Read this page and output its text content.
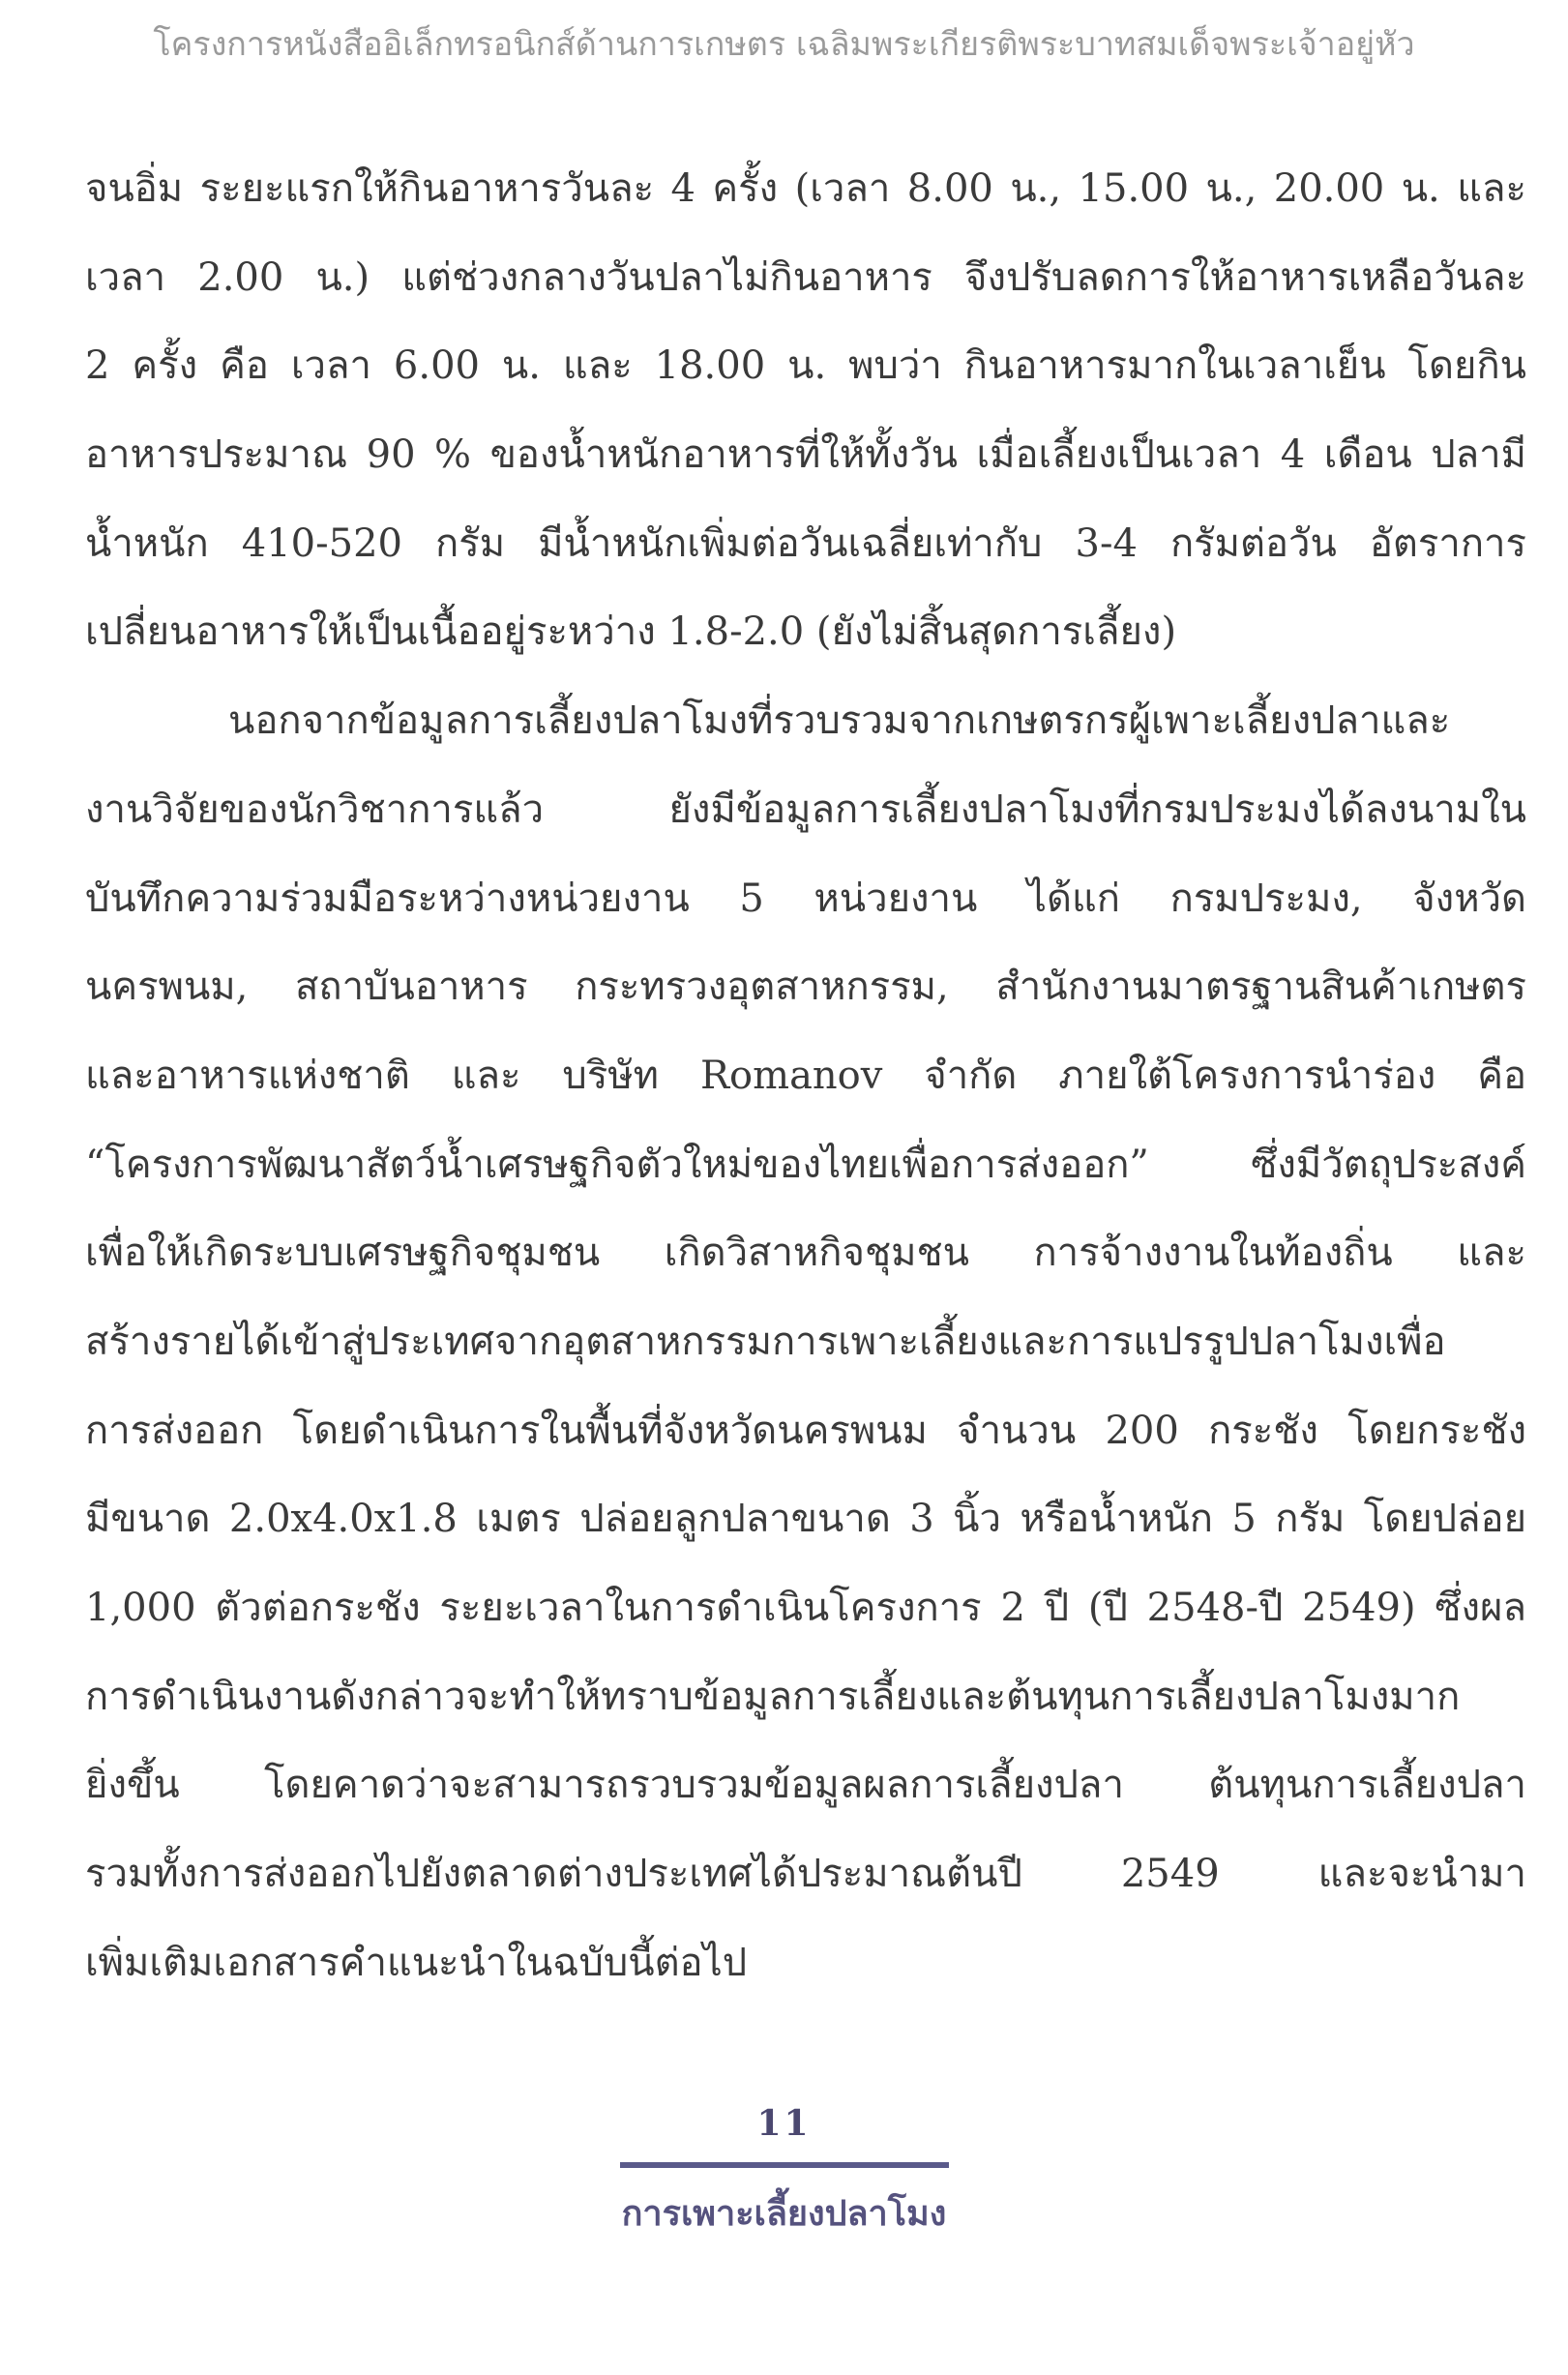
โครงการหนังสืออิเล็กทรอนิกส์ด้านการเกษตร เฉลิมพระเกียรติพระบาทสมเด็จพระเจ้าอยู่หัว
จนอิ่ม ระยะแรกให้กินอาหารวันละ 4 ครั้ง (เวลา 8.00 น., 15.00 น., 20.00 น. และ
เวลา 2.00 น.) แต่ช่วงกลางวันปลาไม่กินอาหาร จึงปรับลดการให้อาหารเหลือวันละ
2 ครั้ง คือ เวลา 6.00 น. และ 18.00 น. พบว่า กินอาหารมากในเวลาเย็น โดยกิน
อาหารประมาณ 90 % ของน้ำหนักอาหารที่ให้ทั้งวัน เมื่อเลี้ยงเป็นเวลา 4 เดือน ปลามี
น้ำหนัก 410-520 กรัม มีน้ำหนักเพิ่มต่อวันเฉลี่ยเท่ากับ 3-4 กรัมต่อวัน อัตราการ
เปลี่ยนอาหารให้เป็นเนื้ออยู่ระหว่าง 1.8-2.0 (ยังไม่สิ้นสุดการเลี้ยง)
นอกจากข้อมูลการเลี้ยงปลาโมงที่รวบรวมจากเกษตรกรผู้เพาะเลี้ยงปลาและ
งานวิจัยของนักวิชาการแล้ว ยังมีข้อมูลการเลี้ยงปลาโมงที่กรมประมงได้ลงนามใน
บันทึกความร่วมมือระหว่างหน่วยงาน 5 หน่วยงาน ได้แก่ กรมประมง, จังหวัด
นครพนม, สถาบันอาหาร กระทรวงอุตสาหกรรม, สำนักงานมาตรฐานสินค้าเกษตร
และอาหารแห่งชาติ และ บริษัท Romanov จำกัด ภายใต้โครงการนำร่อง คือ
“โครงการพัฒนาสัตว์น้ำเศรษฐกิจตัวใหม่ของไทยเพื่อการส่งออก” ซึ่งมีวัตถุประสงค์
เพื่อให้เกิดระบบเศรษฐกิจชุมชน เกิดวิสาหกิจชุมชน การจ้างงานในท้องถิ่น และ
สร้างรายได้เข้าสู่ประเทศจากอุตสาหกรรมการเพาะเลี้ยงและการแปรรูปปลาโมงเพื่อ
การส่งออก โดยดำเนินการในพื้นที่จังหวัดนครพนม จำนวน 200 กระชัง โดยกระชัง
มีขนาด 2.0x4.0x1.8 เมตร ปล่อยลูกปลาขนาด 3 นิ้ว หรือน้ำหนัก 5 กรัม โดยปล่อย
1,000 ตัวต่อกระชัง ระยะเวลาในการดำเนินโครงการ 2 ปี (ปี 2548-ปี 2549) ซึ่งผล
การดำเนินงานดังกล่าวจะทำให้ทราบข้อมูลการเลี้ยงและต้นทุนการเลี้ยงปลาโมงมาก
ยิ่งขึ้น โดยคาดว่าจะสามารถรวบรวมข้อมูลผลการเลี้ยงปลา ต้นทุนการเลี้ยงปลา
รวมทั้งการส่งออกไปยังตลาดต่างประเทศได้ประมาณต้นปี 2549 และจะนำมา
เพิ่มเติมเอกสารคำแนะนำในฉบับนี้ต่อไป
11
การเพาะเลี้ยงปลาโมง
